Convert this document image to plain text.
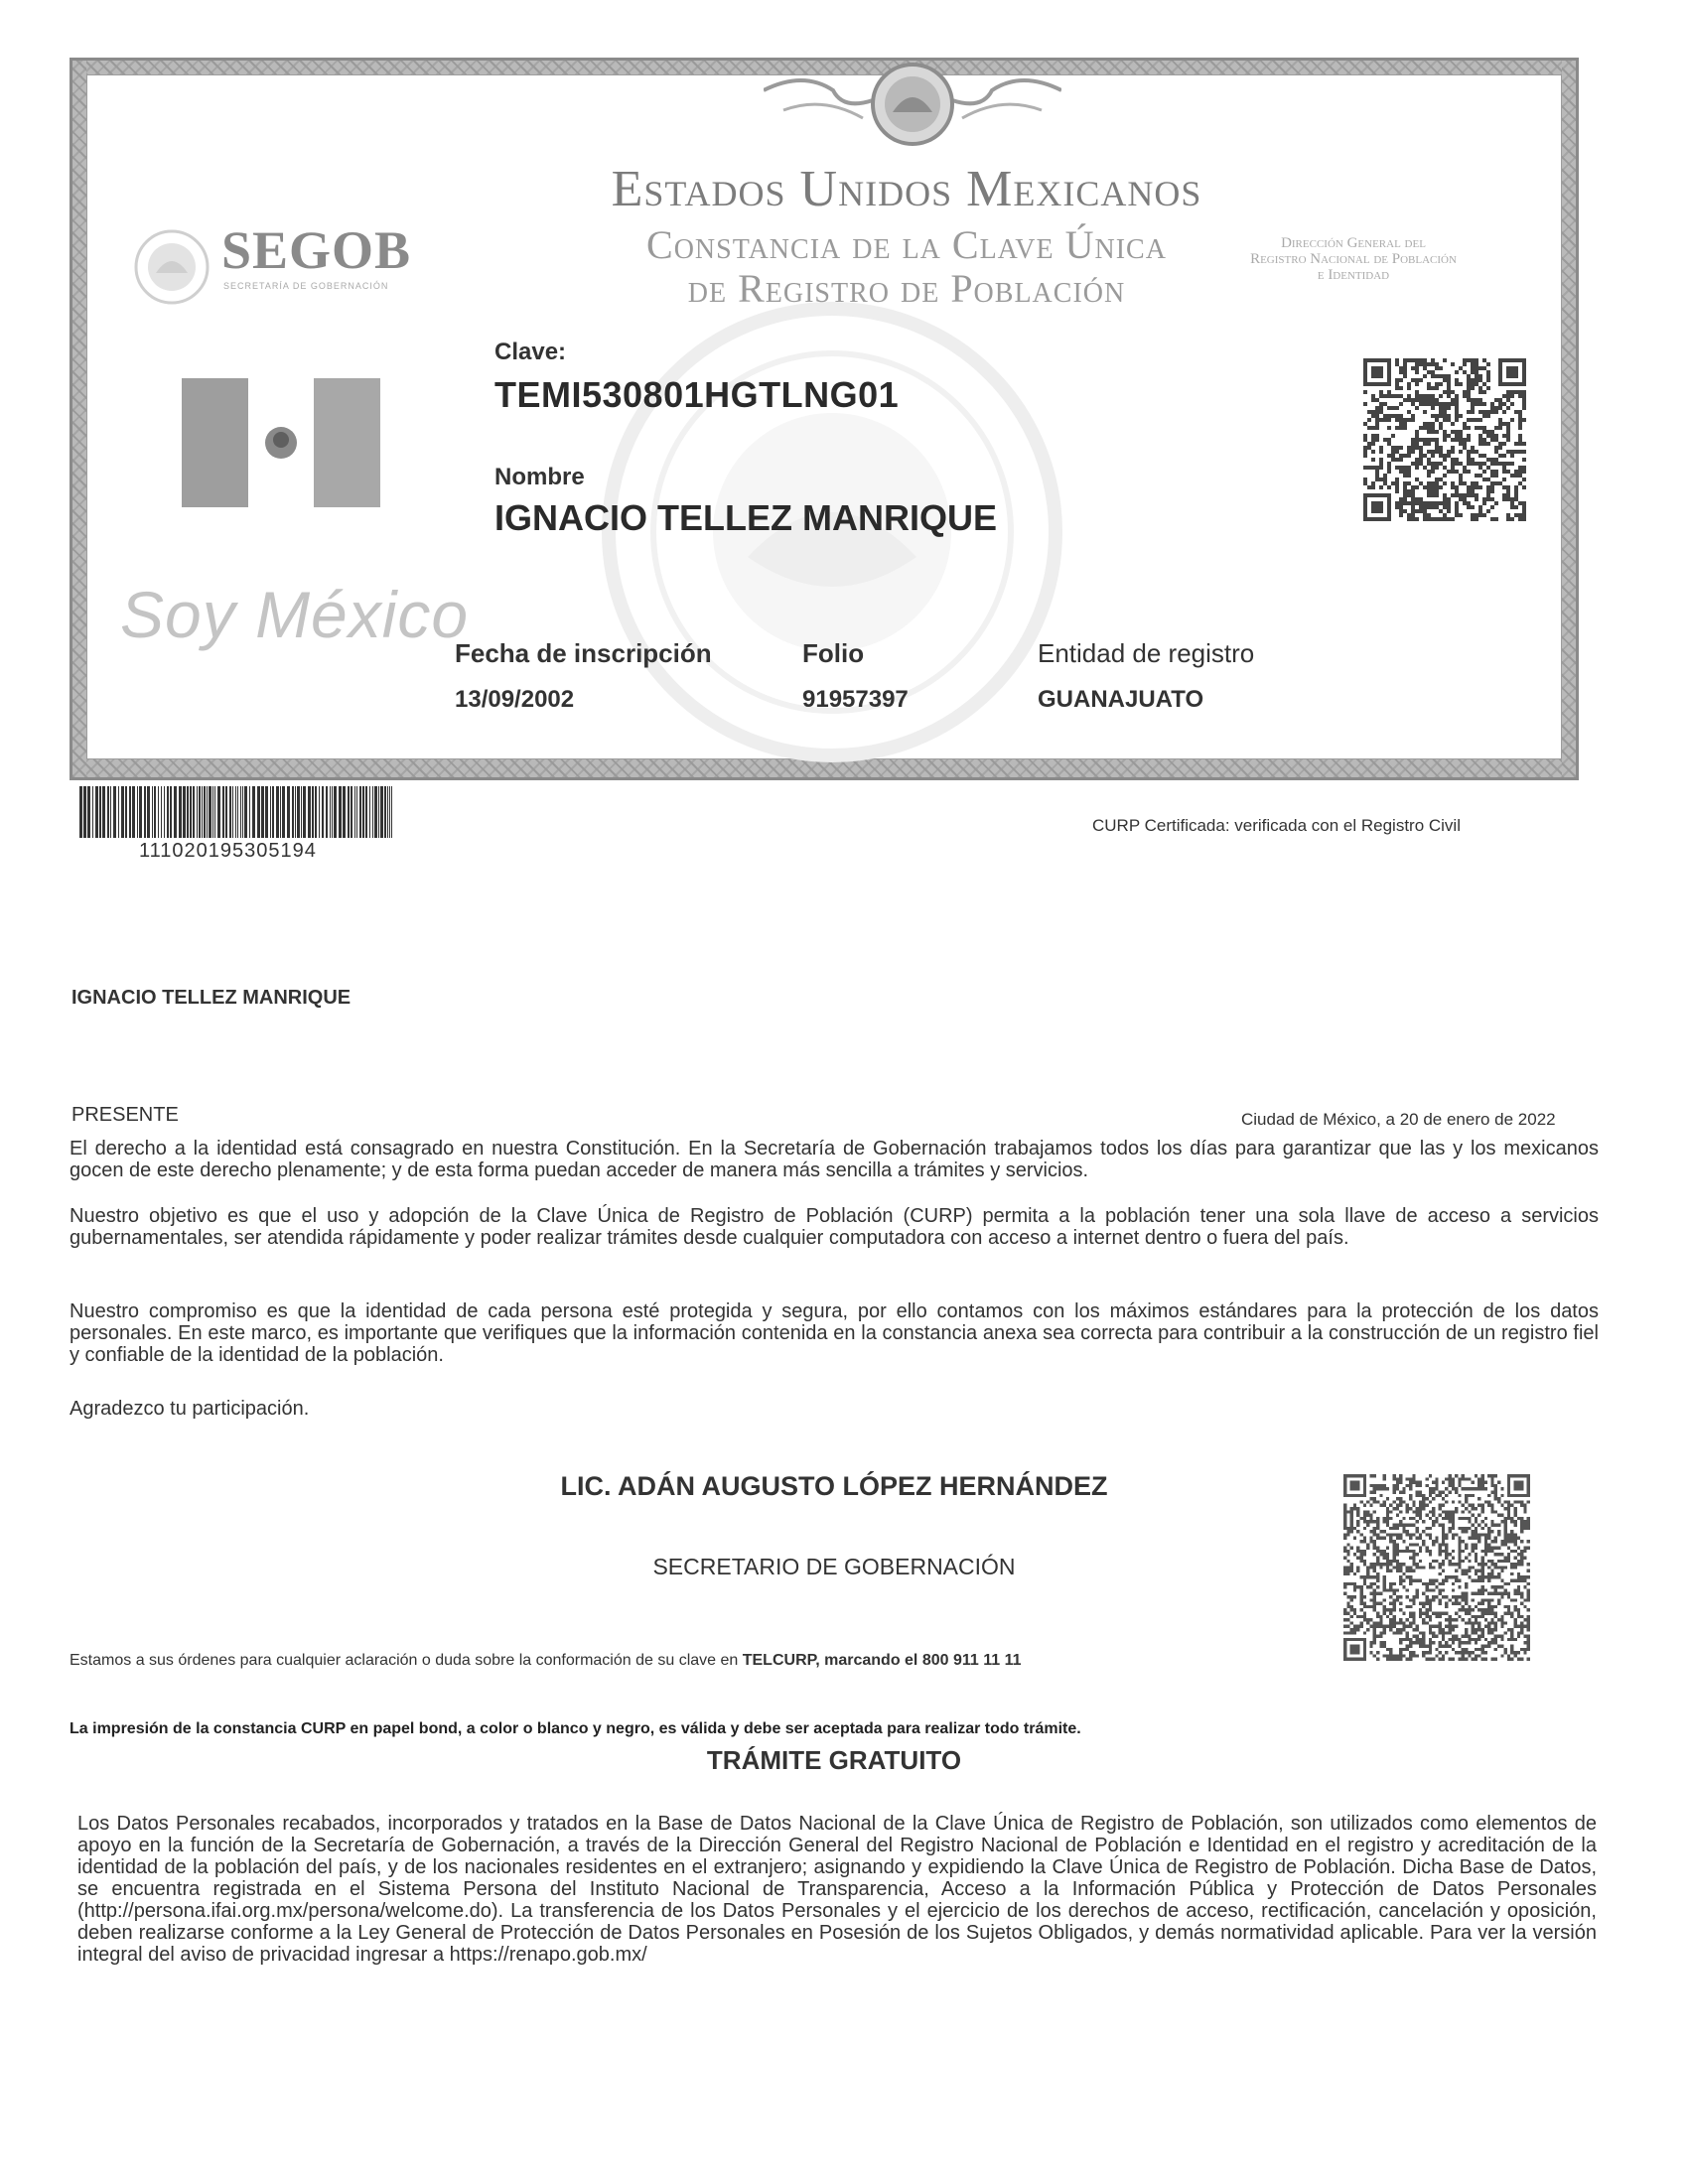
SEGOB
SECRETARÍA DE GOBERNACIÓN
Estados Unidos Mexicanos
Constancia de la Clave Única
de Registro de Población
Dirección General del
Registro Nacional de Población
e Identidad
Soy México
Clave:
TEMI530801HGTLNG01
Nombre
IGNACIO TELLEZ MANRIQUE
Fecha de inscripción
13/09/2002
Folio
91957397
Entidad de registro
GUANAJUATO
111020195305194
CURP Certificada: verificada con el Registro Civil
IGNACIO TELLEZ MANRIQUE
PRESENTE	Ciudad de México, a 20 de enero de 2022
El derecho a la identidad está consagrado en nuestra Constitución. En la Secretaría de Gobernación trabajamos todos los días para garantizar que las y los mexicanos gocen de este derecho plenamente; y de esta forma puedan acceder de manera más sencilla a trámites y servicios.
Nuestro objetivo es que el uso y adopción de la Clave Única de Registro de Población (CURP) permita a la población tener una sola llave de acceso a servicios gubernamentales, ser atendida rápidamente y poder realizar trámites desde cualquier computadora con acceso a internet dentro o fuera del país.
Nuestro compromiso es que la identidad de cada persona esté protegida y segura, por ello contamos con los máximos estándares para la protección de los datos personales. En este marco, es importante que verifiques que la información contenida en la constancia anexa sea correcta para contribuir a la construcción de un registro fiel y confiable de la identidad de la población.
Agradezco tu participación.
LIC. ADÁN AUGUSTO LÓPEZ HERNÁNDEZ
SECRETARIO DE GOBERNACIÓN
Estamos a sus órdenes para cualquier aclaración o duda sobre la conformación de su clave en TELCURP, marcando el 800 911 11 11
La impresión de la constancia CURP en papel bond, a color o blanco y negro, es válida y debe ser aceptada para realizar todo trámite.
TRÁMITE GRATUITO
Los Datos Personales recabados, incorporados y tratados en la Base de Datos Nacional de la Clave Única de Registro de Población, son utilizados como elementos de apoyo en la función de la Secretaría de Gobernación, a través de la Dirección General del Registro Nacional de Población e Identidad en el registro y acreditación de la identidad de la población del país, y de los nacionales residentes en el extranjero; asignando y expidiendo la Clave Única de Registro de Población. Dicha Base de Datos, se encuentra registrada en el Sistema Persona del Instituto Nacional de Transparencia, Acceso a la Información Pública y Protección de Datos Personales (http://persona.ifai.org.mx/persona/welcome.do). La transferencia de los Datos Personales y el ejercicio de los derechos de acceso, rectificación, cancelación y oposición, deben realizarse conforme a la Ley General de Protección de Datos Personales en Posesión de los Sujetos Obligados, y demás normatividad aplicable. Para ver la versión integral del aviso de privacidad ingresar a https://renapo.gob.mx/
